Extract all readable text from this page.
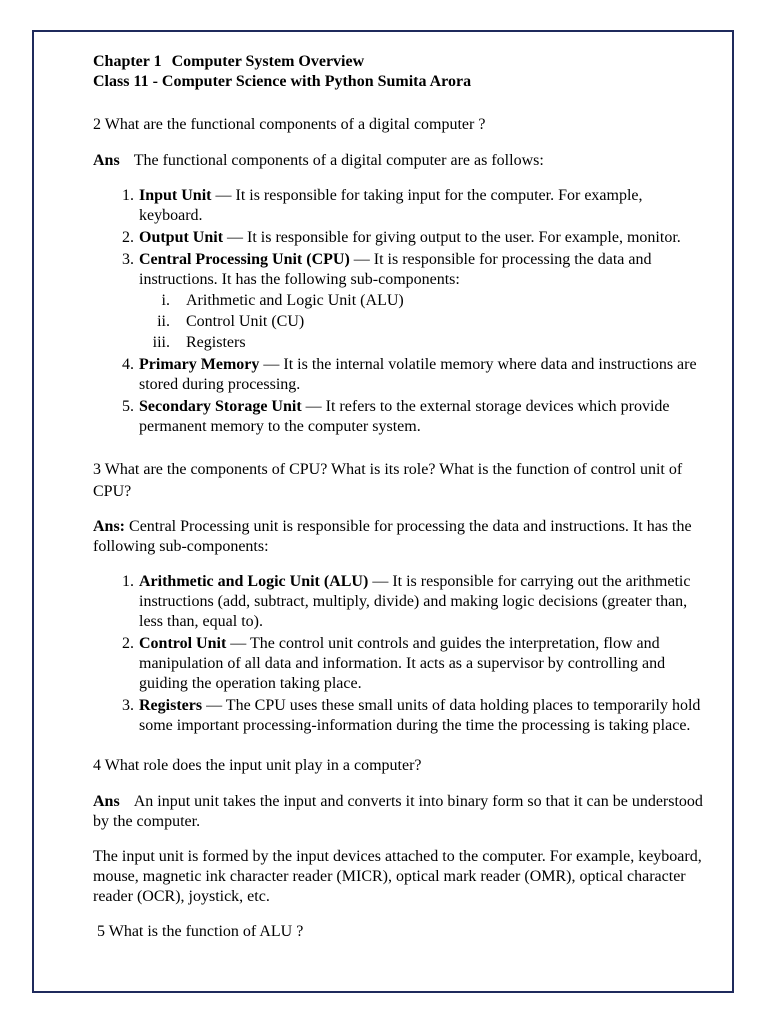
Chapter 1 Computer System Overview

Class 11 - Computer Science with Python Sumita Arora

2 What are the functional components of a digital computer ?

Ans The functional components of a digital computer are as follows:

1. Input Unit — It is responsible for taking input for the computer. For example, keyboard.
2. Output Unit — It is responsible for giving output to the user. For example, monitor.
3. Central Processing Unit (CPU) — It is responsible for processing the data and instructions. It has the following sub-components:
i. Arithmetic and Logic Unit (ALU)
ii. Control Unit (CU)
iii. Registers
4. Primary Memory — It is the internal volatile memory where data and instructions are stored during processing.
5. Secondary Storage Unit — It refers to the external storage devices which provide permanent memory to the computer system.

3 What are the components of CPU? What is its role? What is the function of control unit of CPU?

Ans: Central Processing unit is responsible for processing the data and instructions. It has the following sub-components:

1. Arithmetic and Logic Unit (ALU) — It is responsible for carrying out the arithmetic instructions (add, subtract, multiply, divide) and making logic decisions (greater than, less than, equal to).
2. Control Unit — The control unit controls and guides the interpretation, flow and manipulation of all data and information. It acts as a supervisor by controlling and guiding the operation taking place.
3. Registers — The CPU uses these small units of data holding places to temporarily hold some important processing-information during the time the processing is taking place.

4 What role does the input unit play in a computer?

Ans An input unit takes the input and converts it into binary form so that it can be understood by the computer.

The input unit is formed by the input devices attached to the computer. For example, keyboard, mouse, magnetic ink character reader (MICR), optical mark reader (OMR), optical character reader (OCR), joystick, etc.

5 What is the function of ALU ?
